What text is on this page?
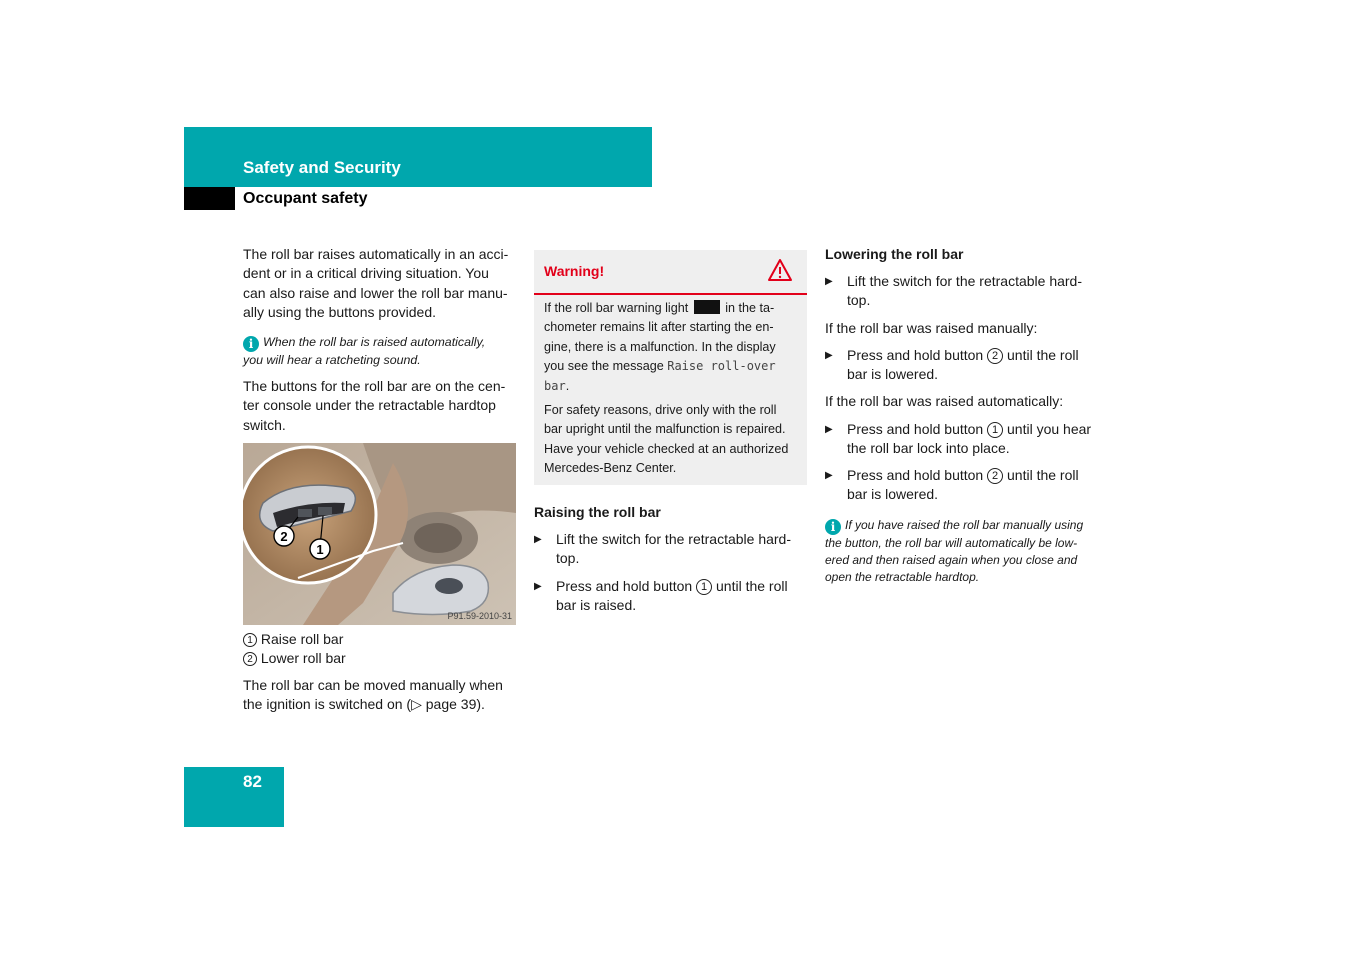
Safety and Security
Occupant safety
The roll bar raises automatically in an acci-
dent or in a critical driving situation. You
can also raise and lower the roll bar manu-
ally using the buttons provided.
i When the roll bar is raised automatically,
you will hear a ratcheting sound.
The buttons for the roll bar are on the cen-
ter console under the retractable hardtop
switch.
2
1
P91.59-2010-31
1 Raise roll bar
2 Lower roll bar
The roll bar can be moved manually when
the ignition is switched on (▷ page 39).
Warning!
If the roll bar warning light	in the ta-
chometer remains lit after starting the en-
gine, there is a malfunction. In the display
you see the message Raise roll-over
bar.
For safety reasons, drive only with the roll
bar upright until the malfunction is repaired.
Have your vehicle checked at an authorized
Mercedes-Benz Center.
Raising the roll bar
▶ Lift the switch for the retractable hard-
top.
▶ Press and hold button 1 until the roll
bar is raised.
Lowering the roll bar
▶ Lift the switch for the retractable hard-
top.
If the roll bar was raised manually:
▶ Press and hold button 2 until the roll
bar is lowered.
If the roll bar was raised automatically:
▶ Press and hold button 1 until you hear
the roll bar lock into place.
▶ Press and hold button 2 until the roll
bar is lowered.
i If you have raised the roll bar manually using
the button, the roll bar will automatically be low-
ered and then raised again when you close and
open the retractable hardtop.
82
